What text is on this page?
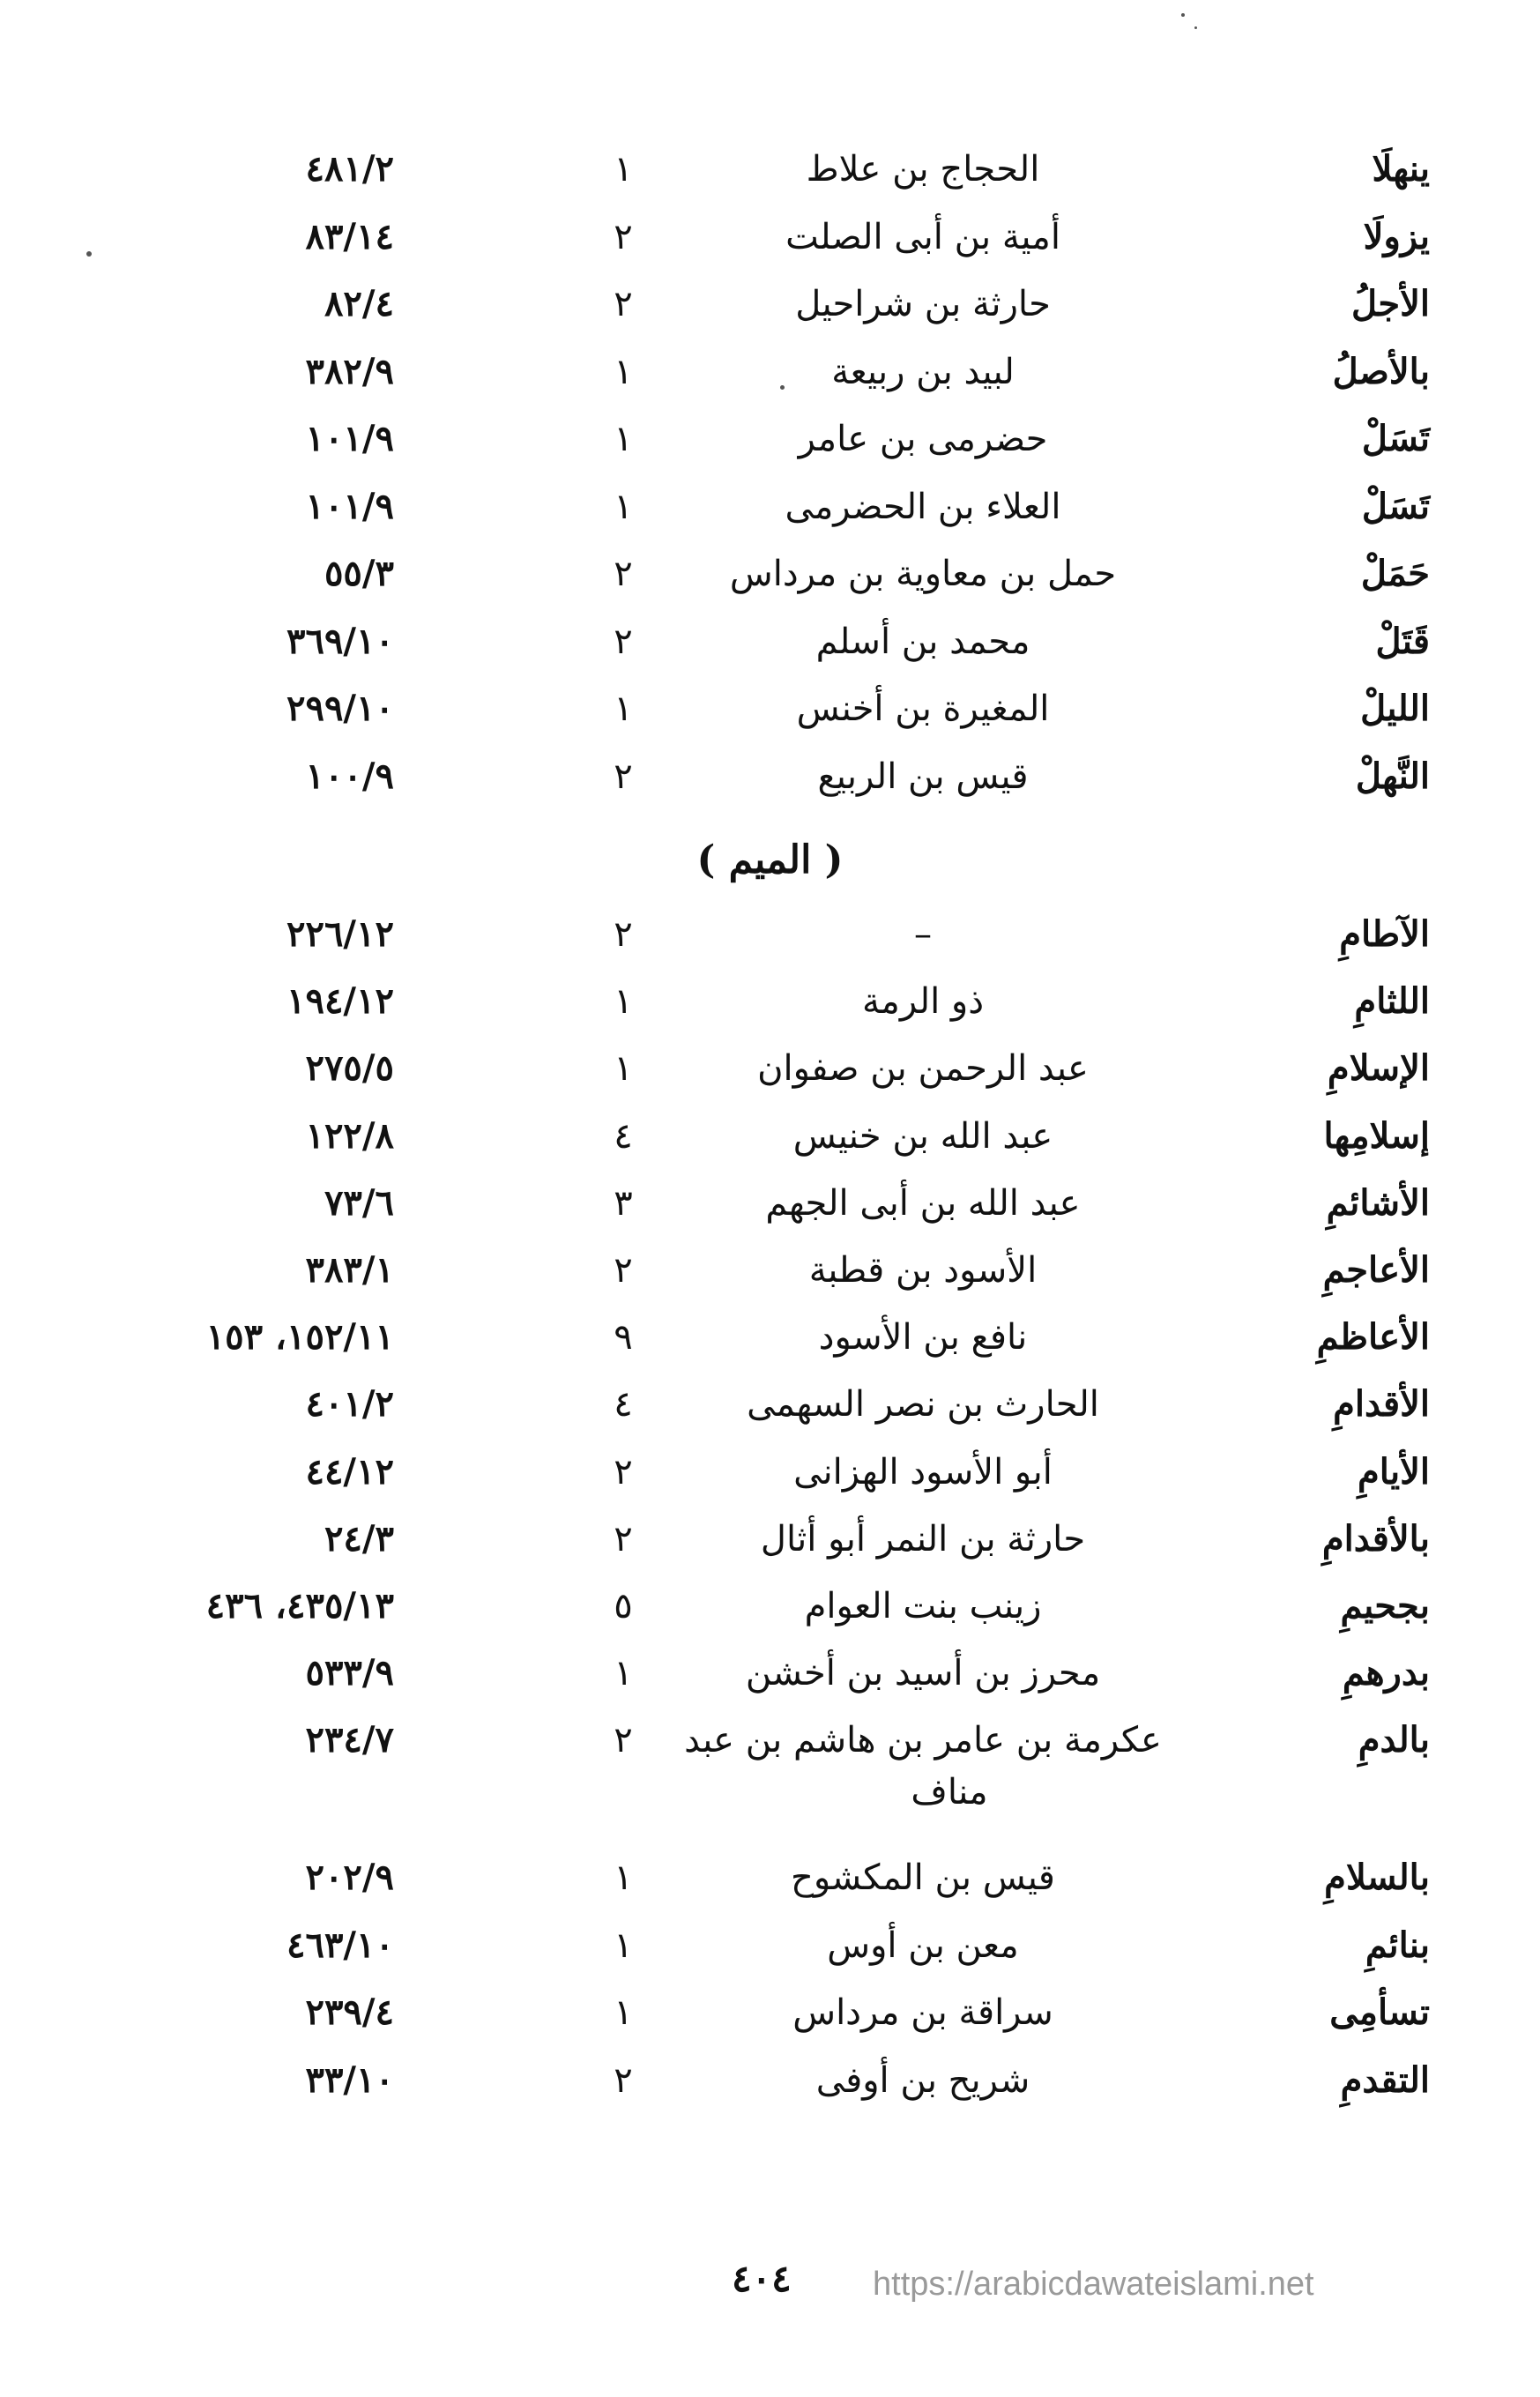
ينهلَا
الحجاج بن علاط
١
٤٨١/٢
يزولَا
أمية بن أبى الصلت
٢
٨٣/١٤
الأجلُ
حارثة بن شراحيل
٢
٨٢/٤
بالأصلُ
لبيد بن ربيعة
١
٣٨٢/٩
تَسَلْ
حضرمى بن عامر
١
١٠١/٩
تَسَلْ
العلاء بن الحضرمى
١
١٠١/٩
حَمَلْ
حمل بن معاوية بن مرداس
٢
٥٥/٣
قَتَلْ
محمد بن أسلم
٢
٣٦٩/١٠
الليلْ
المغيرة بن أخنس
١
٢٩٩/١٠
النَّهلْ
قيس بن الربيع
٢
١٠٠/٩
( الميم )
الآطامِ
–
٢
٢٢٦/١٢
اللثامِ
ذو الرمة
١
١٩٤/١٢
الإسلامِ
عبد الرحمن بن صفوان
١
٢٧٥/٥
إسلامِها
عبد الله بن خنيس
٤
١٢٢/٨
الأشائمِ
عبد الله بن أبى الجهم
٣
٧٣/٦
الأعاجمِ
الأسود بن قطبة
٢
٣٨٣/١
الأعاظمِ
نافع بن الأسود
٩
١٥٢/١١، ١٥٣
الأقدامِ
الحارث بن نصر السهمى
٤
٤٠١/٢
الأيامِ
أبو الأسود الهزانى
٢
٤٤/١٢
بالأقدامِ
حارثة بن النمر أبو أثال
٢
٢٤/٣
بجحيمِ
زينب بنت العوام
٥
٤٣٥/١٣، ٤٣٦
بدرهمِ
محرز بن أسيد بن أخشن
١
٥٣٣/٩
بالدمِ
عكرمة بن عامر بن هاشم بن عبد
٢
٢٣٤/٧
مناف
بالسلامِ
قيس بن المكشوح
١
٢٠٢/٩
بنائمِ
معن بن أوس
١
٤٦٣/١٠
تسأمِى
سراقة بن مرداس
١
٢٣٩/٤
التقدمِ
شريح بن أوفى
٢
٣٣/١٠
٤٠٤ https://arabicdawateislami.net
